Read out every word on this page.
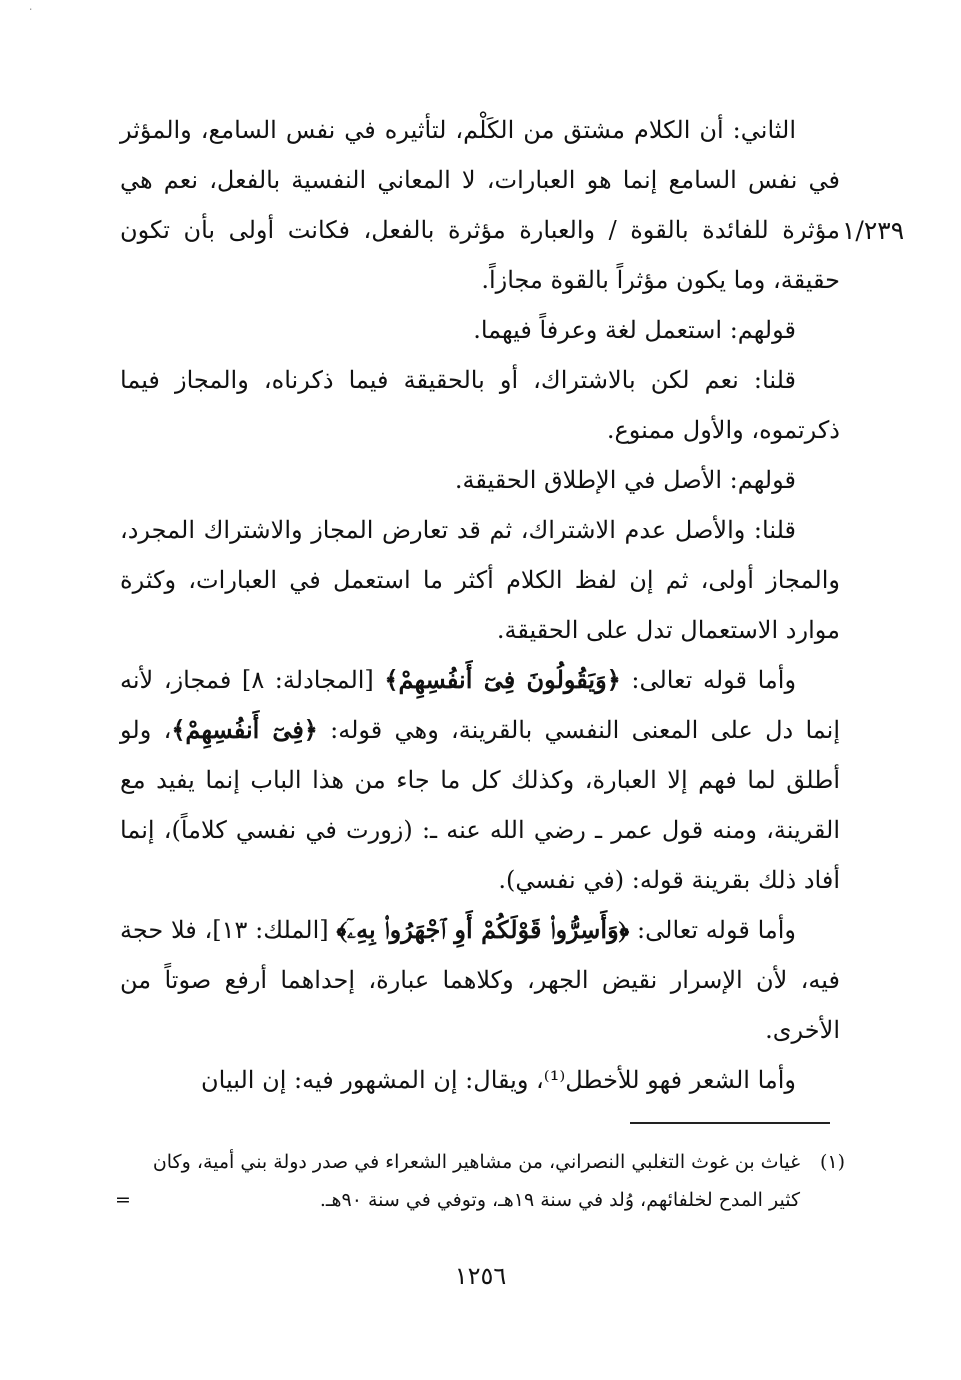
٠
١/٢٣٩

الثاني: أن الكلام مشتق من الكَلْم، لتأثيره في نفس السامع، والمؤثر في نفس السامع إنما هو العبارات، لا المعاني النفسية بالفعل، نعم هي مؤثرة للفائدة بالقوة / والعبارة مؤثرة بالفعل، فكانت أولى بأن تكون حقيقة، وما يكون مؤثراً بالقوة مجازاً.

قولهم: استعمل لغة وعرفاً فيهما.

قلنا: نعم لكن بالاشتراك، أو بالحقيقة فيما ذكرناه، والمجاز فيما ذكرتموه، والأول ممنوع.

قولهم: الأصل في الإطلاق الحقيقة.

قلنا: والأصل عدم الاشتراك، ثم قد تعارض المجاز والاشتراك المجرد، والمجاز أولى، ثم إن لفظ الكلام أكثر ما استعمل في العبارات، وكثرة موارد الاستعمال تدل على الحقيقة.

وأما قوله تعالى: ﴿وَيَقُولُونَ فِىٓ أَنفُسِهِمْ﴾ [المجادلة: ٨] فمجاز، لأنه إنما دل على المعنى النفسي بالقرينة، وهي قوله: ﴿فِىٓ أَنفُسِهِمْ﴾، ولو أطلق لما فهم إلا العبارة، وكذلك كل ما جاء من هذا الباب إنما يفيد مع القرينة، ومنه قول عمر ـ رضي الله عنه ـ: (زورت في نفسي كلاماً)، إنما أفاد ذلك بقرينة قوله: (في نفسي).

وأما قوله تعالى: ﴿وَأَسِرُّوا۟ قَوْلَكُمْ أَوِ ٱجْهَرُوا۟ بِهِۦٓ﴾ [الملك: ١٣]، فلا حجة فيه، لأن الإسرار نقيض الجهر، وكلاهما عبارة، إحداهما أرفع صوتاً من الأخرى.

وأما الشعر فهو للأخطل⁽¹⁾، ويقال: إن المشهور فيه: إن البيان

(١)غياث بن غوث التغلبي النصراني، من مشاهير الشعراء في صدر دولة بني أمية، وكان
كثير المدح لخلفائهم، وُلد في سنة ١٩هـ، وتوفي في سنة ٩٠هـ.
=
١٢٥٦
